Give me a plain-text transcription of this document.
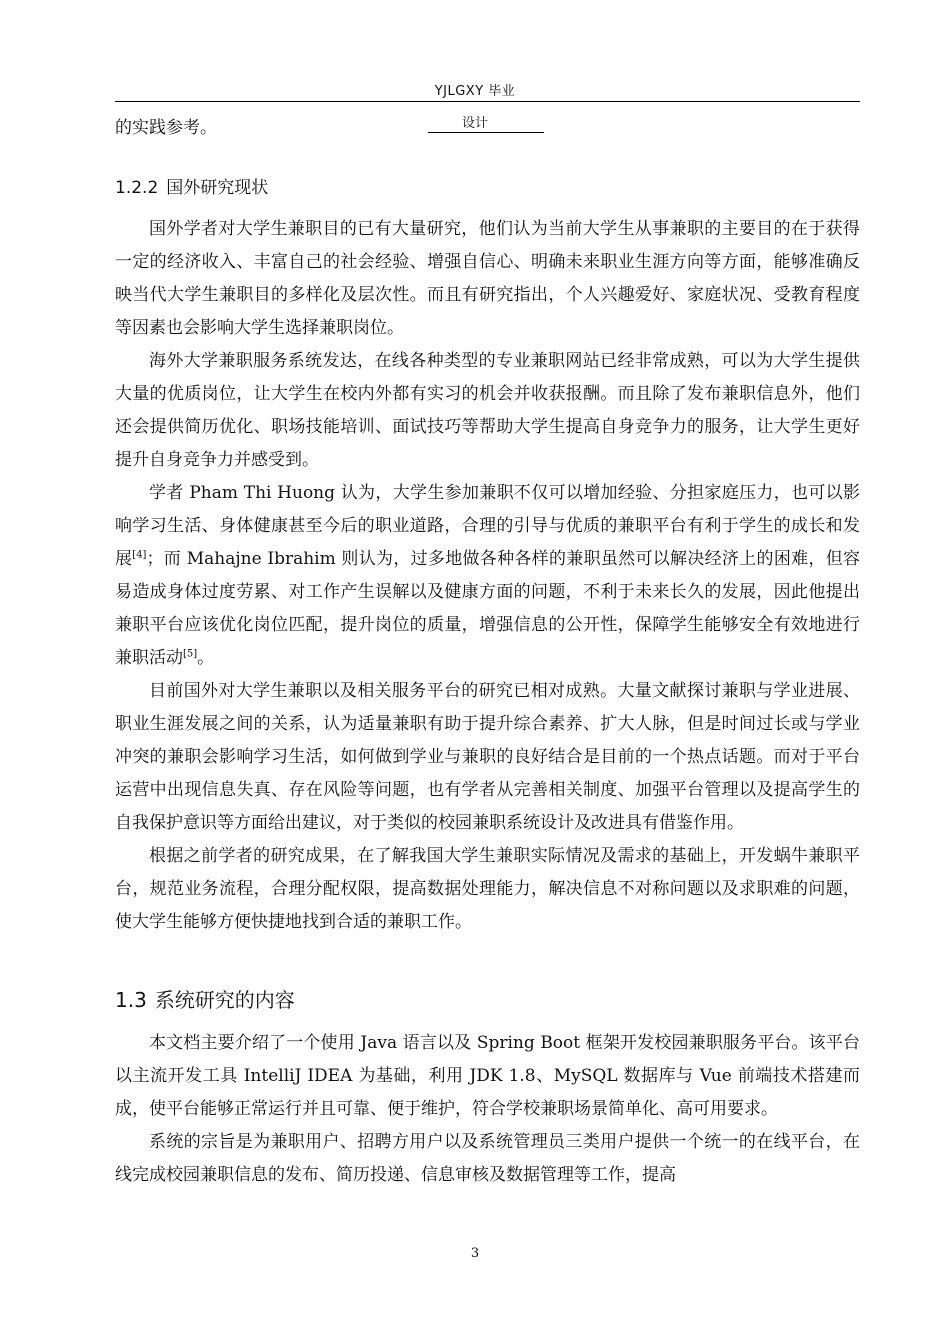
YJLGXY 毕业
设计

的实践参考。

1.2.2 国外研究现状

国外学者对大学生兼职目的已有大量研究，他们认为当前大学生从事兼职的主要目的在于获得一定的经济收入、丰富自己的社会经验、增强自信心、明确未来职业生涯方向等方面，能够准确反映当代大学生兼职目的多样化及层次性。而且有研究指出，个人兴趣爱好、家庭状况、受教育程度等因素也会影响大学生选择兼职岗位。

海外大学兼职服务系统发达，在线各种类型的专业兼职网站已经非常成熟，可以为大学生提供大量的优质岗位，让大学生在校内外都有实习的机会并收获报酬。而且除了发布兼职信息外，他们还会提供简历优化、职场技能培训、面试技巧等帮助大学生提高自身竞争力的服务，让大学生更好提升自身竞争力并感受到。

学者 Pham Thi Huong 认为，大学生参加兼职不仅可以增加经验、分担家庭压力，也可以影响学习生活、身体健康甚至今后的职业道路，合理的引导与优质的兼职平台有利于学生的成长和发展[4]；而 Mahajne Ibrahim 则认为，过多地做各种各样的兼职虽然可以解决经济上的困难，但容易造成身体过度劳累、对工作产生误解以及健康方面的问题，不利于未来长久的发展，因此他提出兼职平台应该优化岗位匹配，提升岗位的质量，增强信息的公开性，保障学生能够安全有效地进行兼职活动[5]。

目前国外对大学生兼职以及相关服务平台的研究已相对成熟。大量文献探讨兼职与学业进展、职业生涯发展之间的关系，认为适量兼职有助于提升综合素养、扩大人脉，但是时间过长或与学业冲突的兼职会影响学习生活，如何做到学业与兼职的良好结合是目前的一个热点话题。而对于平台运营中出现信息失真、存在风险等问题，也有学者从完善相关制度、加强平台管理以及提高学生的自我保护意识等方面给出建议，对于类似的校园兼职系统设计及改进具有借鉴作用。

根据之前学者的研究成果，在了解我国大学生兼职实际情况及需求的基础上，开发蜗牛兼职平台，规范业务流程，合理分配权限，提高数据处理能力，解决信息不对称问题以及求职难的问题，使大学生能够方便快捷地找到合适的兼职工作。

1.3 系统研究的内容

本文档主要介绍了一个使用 Java 语言以及 Spring Boot 框架开发校园兼职服务平台。该平台以主流开发工具 IntelliJ IDEA 为基础，利用 JDK 1.8、MySQL 数据库与 Vue 前端技术搭建而成，使平台能够正常运行并且可靠、便于维护，符合学校兼职场景简单化、高可用要求。

系统的宗旨是为兼职用户、招聘方用户以及系统管理员三类用户提供一个统一的在线平台，在线完成校园兼职信息的发布、简历投递、信息审核及数据管理等工作，提高

3
